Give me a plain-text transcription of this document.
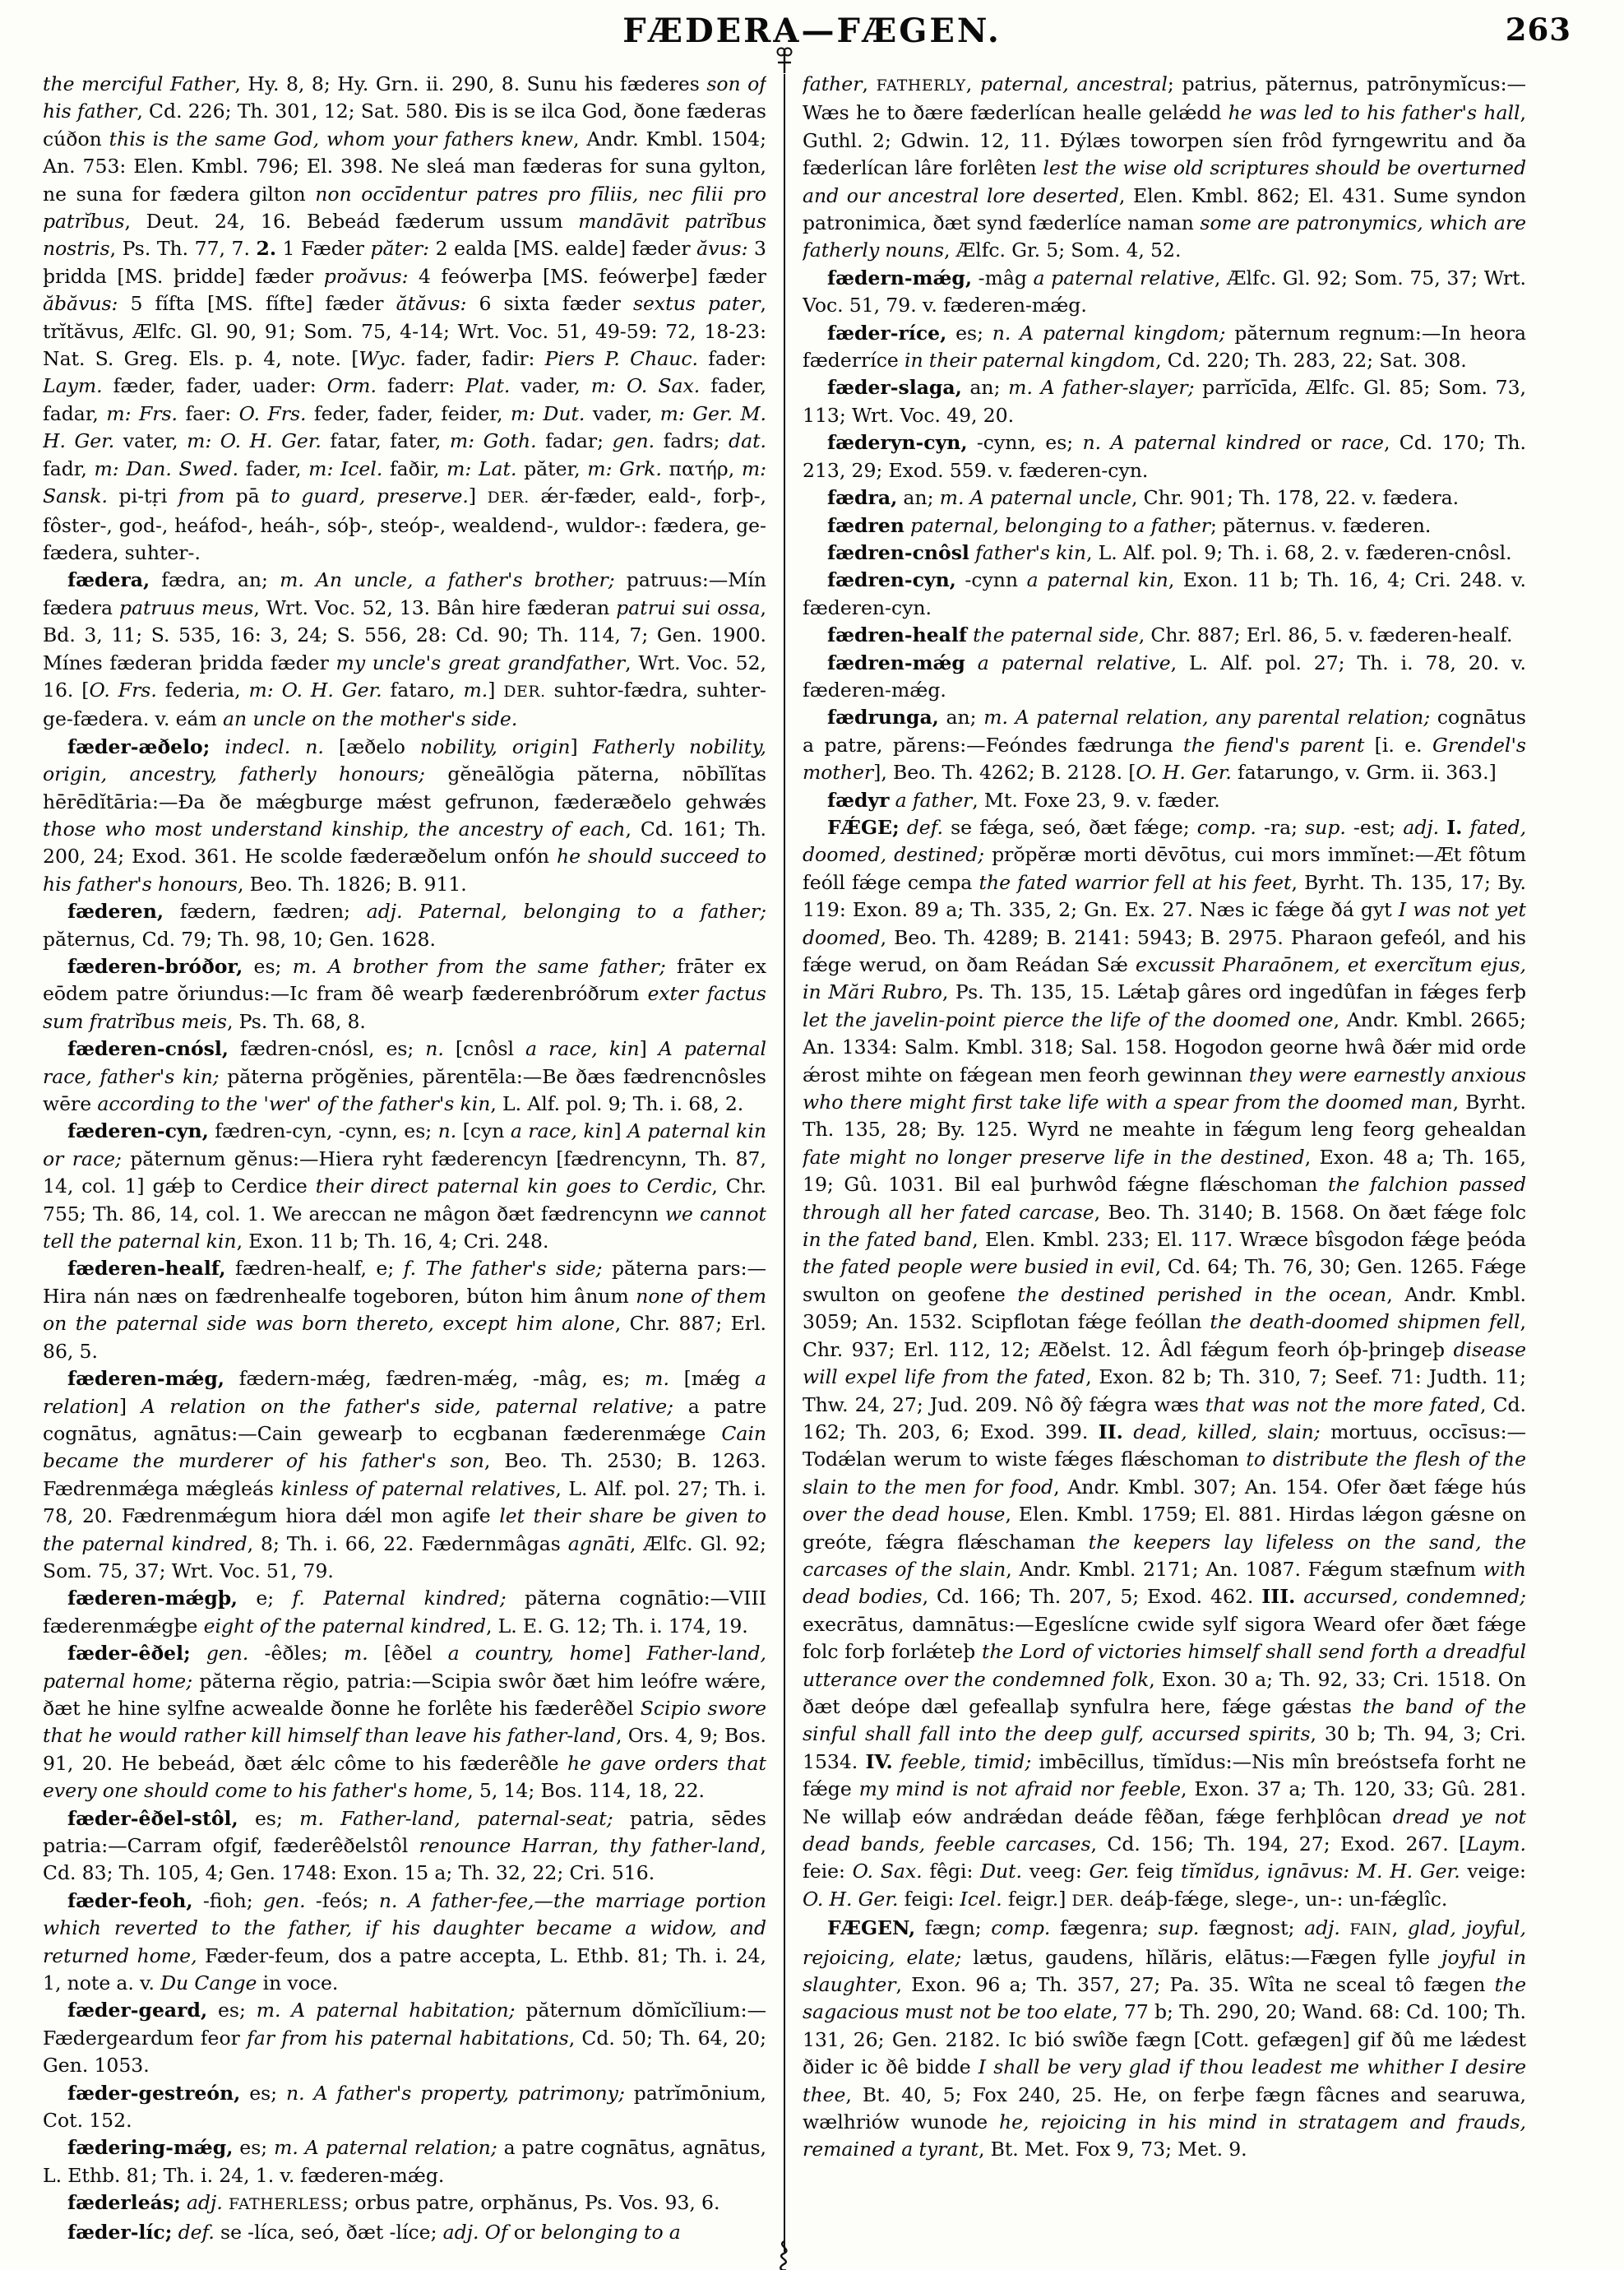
FÆDERA—FÆGEN.	263

the merciful Father, Hy. 8, 8; Hy. Grn. ii. 290, 8. Sunu his fæderes son of his father, Cd. 226; Th. 301, 12; Sat. 580. Ðis is se ilca God, ðone fæderas cúðon this is the same God, whom your fathers knew, Andr. Kmbl. 1504; An. 753: Elen. Kmbl. 796; El. 398. Ne sleá man fæderas for suna gylton, ne suna for fædera gilton non occīdentur patres pro fīliis, nec filii pro patrĭbus, Deut. 24, 16. Bebeád fæderum ussum mandāvit patrĭbus nostris, Ps. Th. 77, 7. 2. 1 Fæder păter: 2 ealda [MS. ealde] fæder ăvus: 3 þridda [MS. þridde] fæder proăvus: 4 feówerþa [MS. feówerþe] fæder ăbăvus: 5 fífta [MS. fífte] fæder ătăvus: 6 sixta fæder sextus pater, trĭtăvus, Ælfc. Gl. 90, 91; Som. 75, 4-14; Wrt. Voc. 51, 49-59: 72, 18-23: Nat. S. Greg. Els. p. 4, note. [Wyc. fader, fadir: Piers P. Chauc. fader: Laym. fæder, fader, uader: Orm. faderr: Plat. vader, m: O. Sax. fader, fadar, m: Frs. faer: O. Frs. feder, fader, feider, m: Dut. vader, m: Ger. M. H. Ger. vater, m: O. H. Ger. fatar, fater, m: Goth. fadar; gen. fadrs; dat. fadr, m: Dan. Swed. fader, m: Icel. faðir, m: Lat. păter, m: Grk. πατήρ, m: Sansk. pi-tṛi from pā to guard, preserve.] DER. ǽr-fæder, eald-, forþ-, fôster-, god-, heáfod-, heáh-, sóþ-, steóp-, wealdend-, wuldor-: fædera, ge-fædera, suhter-.

fædera, fædra, an; m. An uncle, a father's brother; patruus:—Mín fædera patruus meus, Wrt. Voc. 52, 13. Bân hire fæderan patrui sui ossa, Bd. 3, 11; S. 535, 16: 3, 24; S. 556, 28: Cd. 90; Th. 114, 7; Gen. 1900. Mínes fæderan þridda fæder my uncle's great grandfather, Wrt. Voc. 52, 16. [O. Frs. federia, m: O. H. Ger. fataro, m.] DER. suhtor-fædra, suhter-ge-fædera. v. eám an uncle on the mother's side.

fæder-æðelo; indecl. n. [æðelo nobility, origin] Fatherly nobility, origin, ancestry, fatherly honours; gĕneālŏgia păterna, nōbĭlĭtas hērēdĭtāria:—Ða ðe mǽgburge mǽst gefrunon, fæderæðelo gehwǽs those who most understand kinship, the ancestry of each, Cd. 161; Th. 200, 24; Exod. 361. He scolde fæderæðelum onfón he should succeed to his father's honours, Beo. Th. 1826; B. 911.

fæderen, fædern, fædren; adj. Paternal, belonging to a father; păternus, Cd. 79; Th. 98, 10; Gen. 1628.

fæderen-bróðor, es; m. A brother from the same father; frāter ex eōdem patre ŏriundus:—Ic fram ðê wearþ fæderenbróðrum exter factus sum fratrĭbus meis, Ps. Th. 68, 8.

fæderen-cnósl, fædren-cnósl, es; n. [cnôsl a race, kin] A paternal race, father's kin; păterna prŏgĕnies, părentēla:—Be ðæs fædrencnôsles wēre according to the 'wer' of the father's kin, L. Alf. pol. 9; Th. i. 68, 2.

fæderen-cyn, fædren-cyn, -cynn, es; n. [cyn a race, kin] A paternal kin or race; păternum gĕnus:—Hiera ryht fæderencyn [fædrencynn, Th. 87, 14, col. 1] gǽþ to Cerdice their direct paternal kin goes to Cerdic, Chr. 755; Th. 86, 14, col. 1. We areccan ne mâgon ðæt fædrencynn we cannot tell the paternal kin, Exon. 11 b; Th. 16, 4; Cri. 248.

fæderen-healf, fædren-healf, e; f. The father's side; păterna pars:—Hira nán næs on fædrenhealfe togeboren, búton him ânum none of them on the paternal side was born thereto, except him alone, Chr. 887; Erl. 86, 5.

fæderen-mǽg, fædern-mǽg, fædren-mǽg, -mâg, es; m. [mǽg a relation] A relation on the father's side, paternal relative; a patre cognātus, agnātus:—Cain gewearþ to ecgbanan fæderenmǽge Cain became the murderer of his father's son, Beo. Th. 2530; B. 1263. Fædrenmǽga mǽgleás kinless of paternal relatives, L. Alf. pol. 27; Th. i. 78, 20. Fædrenmǽgum hiora dǽl mon agife let their share be given to the paternal kindred, 8; Th. i. 66, 22. Fædernmâgas agnāti, Ælfc. Gl. 92; Som. 75, 37; Wrt. Voc. 51, 79.

fæderen-mǽgþ, e; f. Paternal kindred; păterna cognātio:—VIII fæderenmǽgþe eight of the paternal kindred, L. E. G. 12; Th. i. 174, 19.

fæder-êðel; gen. -êðles; m. [êðel a country, home] Father-land, paternal home; păterna rĕgio, patria:—Scipia swôr ðæt him leófre wǽre, ðæt he hine sylfne acwealde ðonne he forlête his fæderêðel Scipio swore that he would rather kill himself than leave his father-land, Ors. 4, 9; Bos. 91, 20. He bebeád, ðæt ǽlc côme to his fæderêðle he gave orders that every one should come to his father's home, 5, 14; Bos. 114, 18, 22.

fæder-êðel-stôl, es; m. Father-land, paternal-seat; patria, sēdes patria:—Carram ofgif, fæderêðelstôl renounce Harran, thy father-land, Cd. 83; Th. 105, 4; Gen. 1748: Exon. 15 a; Th. 32, 22; Cri. 516.

fæder-feoh, -fioh; gen. -feós; n. A father-fee,—the marriage portion which reverted to the father, if his daughter became a widow, and returned home, Fæder-feum, dos a patre accepta, L. Ethb. 81; Th. i. 24, 1, note a. v. Du Cange in voce.

fæder-geard, es; m. A paternal habitation; păternum dŏmĭcĭlium:—Fædergeardum feor far from his paternal habitations, Cd. 50; Th. 64, 20; Gen. 1053.

fæder-gestreón, es; n. A father's property, patrimony; patrĭmōnium, Cot. 152.

fædering-mǽg, es; m. A paternal relation; a patre cognātus, agnātus, L. Ethb. 81; Th. i. 24, 1. v. fæderen-mǽg.

fæderleás; adj. FATHERLESS; orbus patre, orphănus, Ps. Vos. 93, 6.

fæder-líc; def. se -líca, seó, ðæt -líce; adj. Of or belonging to a

father, FATHERLY, paternal, ancestral; patrius, păternus, patrōnymĭcus:—Wæs he to ðære fæderlícan healle gelǽdd he was led to his father's hall, Guthl. 2; Gdwin. 12, 11. Ðýlæs toworpen síen frôd fyrngewritu and ða fæderlícan lâre forlêten lest the wise old scriptures should be overturned and our ancestral lore deserted, Elen. Kmbl. 862; El. 431. Sume syndon patronimica, ðæt synd fæderlíce naman some are patronymics, which are fatherly nouns, Ælfc. Gr. 5; Som. 4, 52.

fædern-mǽg, -mâg a paternal relative, Ælfc. Gl. 92; Som. 75, 37; Wrt. Voc. 51, 79. v. fæderen-mǽg.

fæder-ríce, es; n. A paternal kingdom; păternum regnum:—In heora fæderríce in their paternal kingdom, Cd. 220; Th. 283, 22; Sat. 308.

fæder-slaga, an; m. A father-slayer; parrĭcīda, Ælfc. Gl. 85; Som. 73, 113; Wrt. Voc. 49, 20.

fæderyn-cyn, -cynn, es; n. A paternal kindred or race, Cd. 170; Th. 213, 29; Exod. 559. v. fæderen-cyn.

fædra, an; m. A paternal uncle, Chr. 901; Th. 178, 22. v. fædera.

fædren paternal, belonging to a father; păternus. v. fæderen.

fædren-cnôsl father's kin, L. Alf. pol. 9; Th. i. 68, 2. v. fæderen-cnôsl.

fædren-cyn, -cynn a paternal kin, Exon. 11 b; Th. 16, 4; Cri. 248. v. fæderen-cyn.

fædren-healf the paternal side, Chr. 887; Erl. 86, 5. v. fæderen-healf.

fædren-mǽg a paternal relative, L. Alf. pol. 27; Th. i. 78, 20. v. fæderen-mǽg.

fædrunga, an; m. A paternal relation, any parental relation; cognātus a patre, părens:—Feóndes fædrunga the fiend's parent [i. e. Grendel's mother], Beo. Th. 4262; B. 2128. [O. H. Ger. fatarungo, v. Grm. ii. 363.]

fædyr a father, Mt. Foxe 23, 9. v. fæder.

FǼGE; def. se fǽga, seó, ðæt fǽge; comp. -ra; sup. -est; adj. I. fated, doomed, destined; prŏpĕræ morti dēvōtus, cui mors immĭnet:—Æt fôtum feóll fǽge cempa the fated warrior fell at his feet, Byrht. Th. 135, 17; By. 119: Exon. 89 a; Th. 335, 2; Gn. Ex. 27. Næs ic fǽge ðá gyt I was not yet doomed, Beo. Th. 4289; B. 2141: 5943; B. 2975. Pharaon gefeól, and his fǽge werud, on ðam Reádan Sǽ excussit Pharaōnem, et exercĭtum ejus, in Mări Rubro, Ps. Th. 135, 15. Lǽtaþ gâres ord ingedûfan in fǽges ferþ let the javelin-point pierce the life of the doomed one, Andr. Kmbl. 2665; An. 1334: Salm. Kmbl. 318; Sal. 158. Hogodon georne hwâ ðǽr mid orde ǽrost mihte on fǽgean men feorh gewinnan they were earnestly anxious who there might first take life with a spear from the doomed man, Byrht. Th. 135, 28; By. 125. Wyrd ne meahte in fǽgum leng feorg gehealdan fate might no longer preserve life in the destined, Exon. 48 a; Th. 165, 19; Gû. 1031. Bil eal þurhwôd fǽgne flǽschoman the falchion passed through all her fated carcase, Beo. Th. 3140; B. 1568. On ðæt fǽge folc in the fated band, Elen. Kmbl. 233; El. 117. Wræce bîsgodon fǽge þeóda the fated people were busied in evil, Cd. 64; Th. 76, 30; Gen. 1265. Fǽge swulton on geofene the destined perished in the ocean, Andr. Kmbl. 3059; An. 1532. Scipflotan fǽge feóllan the death-doomed shipmen fell, Chr. 937; Erl. 112, 12; Æðelst. 12. Âdl fǽgum feorh óþ-þringeþ disease will expel life from the fated, Exon. 82 b; Th. 310, 7; Seef. 71: Judth. 11; Thw. 24, 27; Jud. 209. Nô ðŷ fǽgra wæs that was not the more fated, Cd. 162; Th. 203, 6; Exod. 399. II. dead, killed, slain; mortuus, occīsus:—Todǽlan werum to wiste fǽges flǽschoman to distribute the flesh of the slain to the men for food, Andr. Kmbl. 307; An. 154. Ofer ðæt fǽge hús over the dead house, Elen. Kmbl. 1759; El. 881. Hirdas lǽgon gǽsne on greóte, fǽgra flǽschaman the keepers lay lifeless on the sand, the carcases of the slain, Andr. Kmbl. 2171; An. 1087. Fǽgum stæfnum with dead bodies, Cd. 166; Th. 207, 5; Exod. 462. III. accursed, condemned; execrātus, damnātus:—Egeslícne cwide sylf sigora Weard ofer ðæt fǽge folc forþ forlǽteþ the Lord of victories himself shall send forth a dreadful utterance over the condemned folk, Exon. 30 a; Th. 92, 33; Cri. 1518. On ðæt deópe dæl gefeallaþ synfulra here, fǽge gǽstas the band of the sinful shall fall into the deep gulf, accursed spirits, 30 b; Th. 94, 3; Cri. 1534. IV. feeble, timid; imbēcillus, tĭmĭdus:—Nis mîn breóstsefa forht ne fǽge my mind is not afraid nor feeble, Exon. 37 a; Th. 120, 33; Gû. 281. Ne willaþ eów andrǽdan deáde fêðan, fǽge ferhþlôcan dread ye not dead bands, feeble carcases, Cd. 156; Th. 194, 27; Exod. 267. [Laym. feie: O. Sax. fêgi: Dut. veeg: Ger. feig tĭmĭdus, ignāvus: M. H. Ger. veige: O. H. Ger. feigi: Icel. feigr.] DER. deáþ-fǽge, slege-, un-: un-fǽglîc.

FÆGEN, fægn; comp. fægenra; sup. fægnost; adj. FAIN, glad, joyful, rejoicing, elate; lætus, gaudens, hĭlăris, elātus:—Fægen fylle joyful in slaughter, Exon. 96 a; Th. 357, 27; Pa. 35. Wîta ne sceal tô fægen the sagacious must not be too elate, 77 b; Th. 290, 20; Wand. 68: Cd. 100; Th. 131, 26; Gen. 2182. Ic bió swîðe fægn [Cott. gefægen] gif ðû me lǽdest ðider ic ðê bidde I shall be very glad if thou leadest me whither I desire thee, Bt. 40, 5; Fox 240, 25. He, on ferþe fægn fâcnes and searuwa, wælhriów wunode he, rejoicing in his mind in stratagem and frauds, remained a tyrant, Bt. Met. Fox 9, 73; Met. 9.
